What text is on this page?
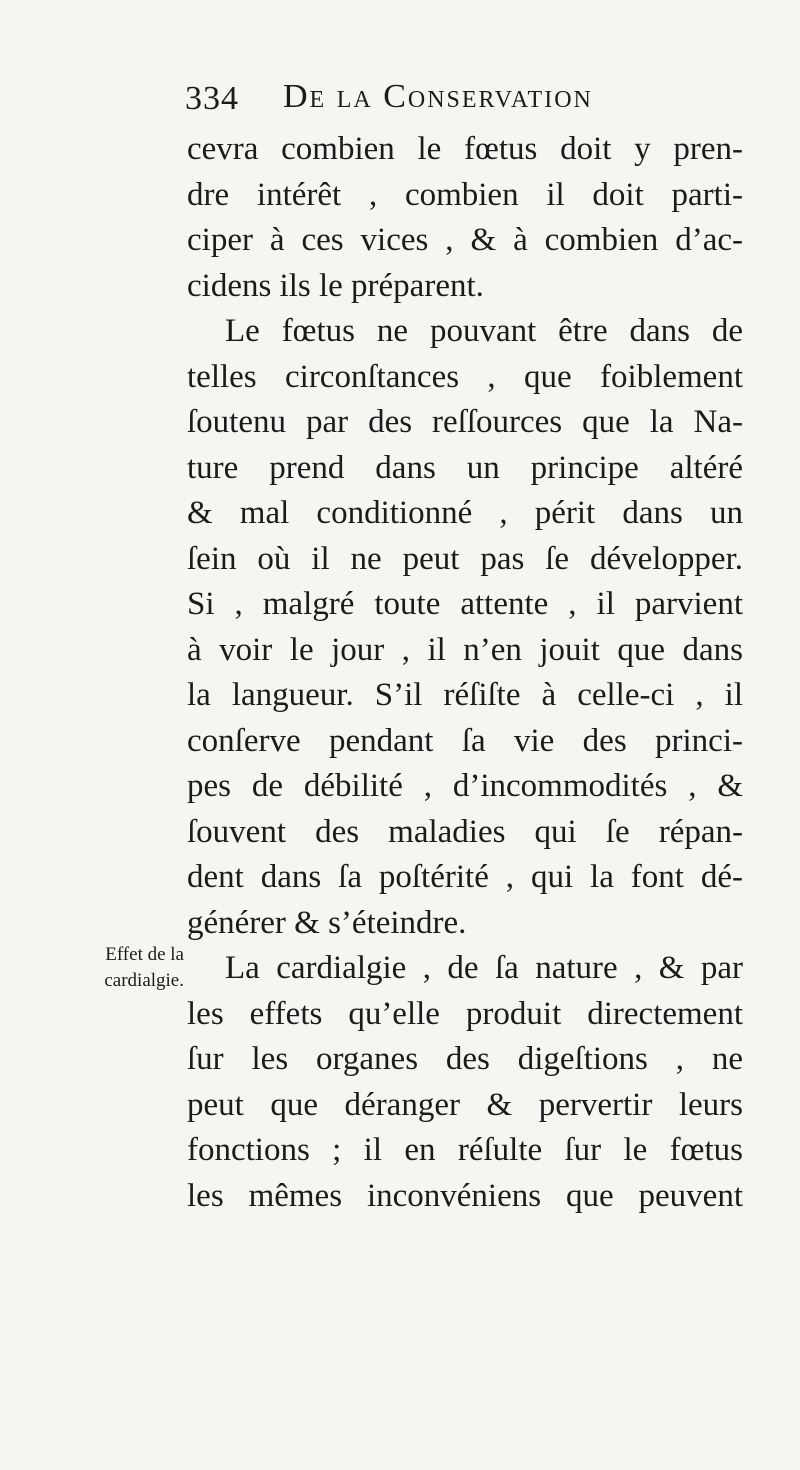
334 De la Conservation
Effet de la
cardialgie.
cevra combien le fœtus doit y pren-
dre intérêt , combien il doit parti-
ciper à ces vices , & à combien d’ac-
cidens ils le préparent.
Le fœtus ne pouvant être dans de
telles circonſtances , que foiblement
ſoutenu par des reſſources que la Na-
ture prend dans un principe altéré
& mal conditionné , périt dans un
ſein où il ne peut pas ſe développer.
Si , malgré toute attente , il parvient
à voir le jour , il n’en jouit que dans
la langueur. S’il réſiſte à celle-ci , il
conſerve pendant ſa vie des princi-
pes de débilité , d’incommodités , &
ſouvent des maladies qui ſe répan-
dent dans ſa poſtérité , qui la font dé-
générer & s’éteindre.
La cardialgie , de ſa nature , & par
les effets qu’elle produit directement
ſur les organes des digeſtions , ne
peut que déranger & pervertir leurs
fonctions ; il en réſulte ſur le fœtus
les mêmes inconvéniens que peuvent
